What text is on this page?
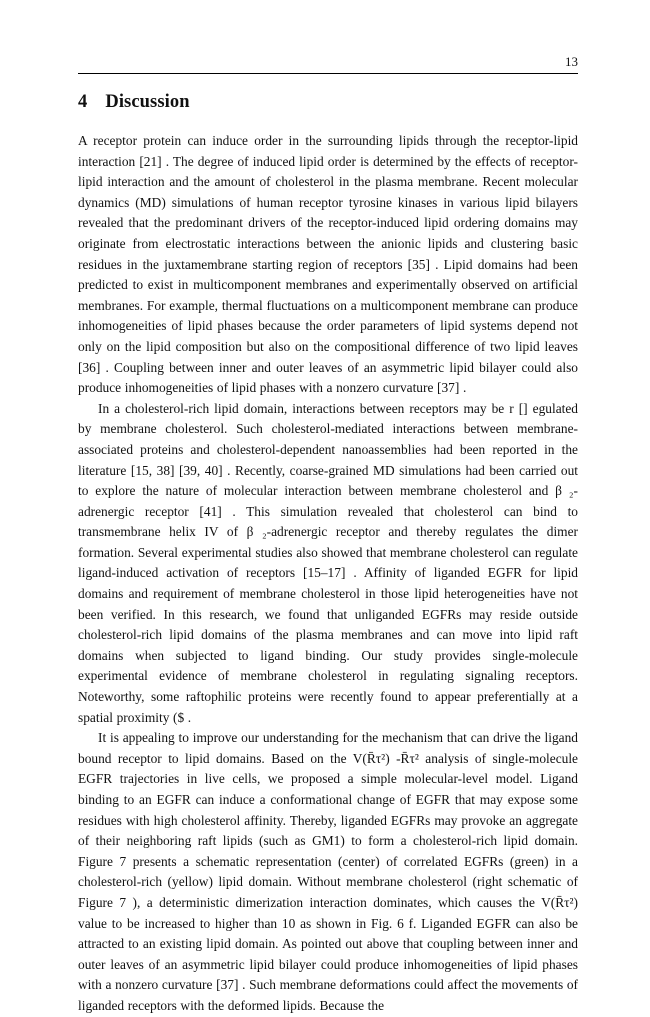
13
4 Discussion

A receptor protein can induce order in the surrounding lipids through the receptor-lipid interaction [21] . The degree of induced lipid order is determined by the effects of receptor-lipid interaction and the amount of cholesterol in the plasma membrane. Recent molecular dynamics (MD) simulations of human receptor tyrosine kinases in various lipid bilayers revealed that the predominant drivers of the receptor-induced lipid ordering domains may originate from electrostatic interactions between the anionic lipids and clustering basic residues in the juxtamembrane starting region of receptors [35] . Lipid domains had been predicted to exist in multicomponent membranes and experimentally observed on artificial membranes. For example, thermal fluctuations on a multicomponent membrane can produce inhomogeneities of lipid phases because the order parameters of lipid systems depend not only on the lipid composition but also on the compositional difference of two lipid leaves [36] . Coupling between inner and outer leaves of an asymmetric lipid bilayer could also produce inhomogeneities of lipid phases with a nonzero curvature [37] .

In a cholesterol-rich lipid domain, interactions between receptors may be r [] egulated by membrane cholesterol. Such cholesterol-mediated interactions between membrane-associated proteins and cholesterol-dependent nanoassemblies had been reported in the literature [15, 38] [39, 40] . Recently, coarse-grained MD simulations had been carried out to explore the nature of molecular interaction between membrane cholesterol and β ₂-adrenergic receptor [41] . This simulation revealed that cholesterol can bind to transmembrane helix IV of β ₂-adrenergic receptor and thereby regulates the dimer formation. Several experimental studies also showed that membrane cholesterol can regulate ligand-induced activation of receptors [15–17] . Affinity of liganded EGFR for lipid domains and requirement of membrane cholesterol in those lipid heterogeneities have not been verified. In this research, we found that unliganded EGFRs may reside outside cholesterol-rich lipid domains of the plasma membranes and can move into lipid raft domains when subjected to ligand binding. Our study provides single-molecule experimental evidence of membrane cholesterol in regulating signaling receptors. Noteworthy, some raftophilic proteins were recently found to appear preferentially at a spatial proximity ($ .

It is appealing to improve our understanding for the mechanism that can drive the ligand bound receptor to lipid domains. Based on the V(R̄τ²) -R̄τ² analysis of single-molecule EGFR trajectories in live cells, we proposed a simple molecular-level model. Ligand binding to an EGFR can induce a conformational change of EGFR that may expose some residues with high cholesterol affinity. Thereby, liganded EGFRs may provoke an aggregate of their neighboring raft lipids (such as GM1) to form a cholesterol-rich lipid domain. Figure 7 presents a schematic representation (center) of correlated EGFRs (green) in a cholesterol-rich (yellow) lipid domain. Without membrane cholesterol (right schematic of Figure 7 ), a deterministic dimerization interaction dominates, which causes the V(R̄τ²) value to be increased to higher than 10 as shown in Fig. 6 f. Liganded EGFR can also be attracted to an existing lipid domain. As pointed out above that coupling between inner and outer leaves of an asymmetric lipid bilayer could produce inhomogeneities of lipid phases with a nonzero curvature [37] . Such membrane deformations could affect the movements of liganded receptors with the deformed lipids. Because the
